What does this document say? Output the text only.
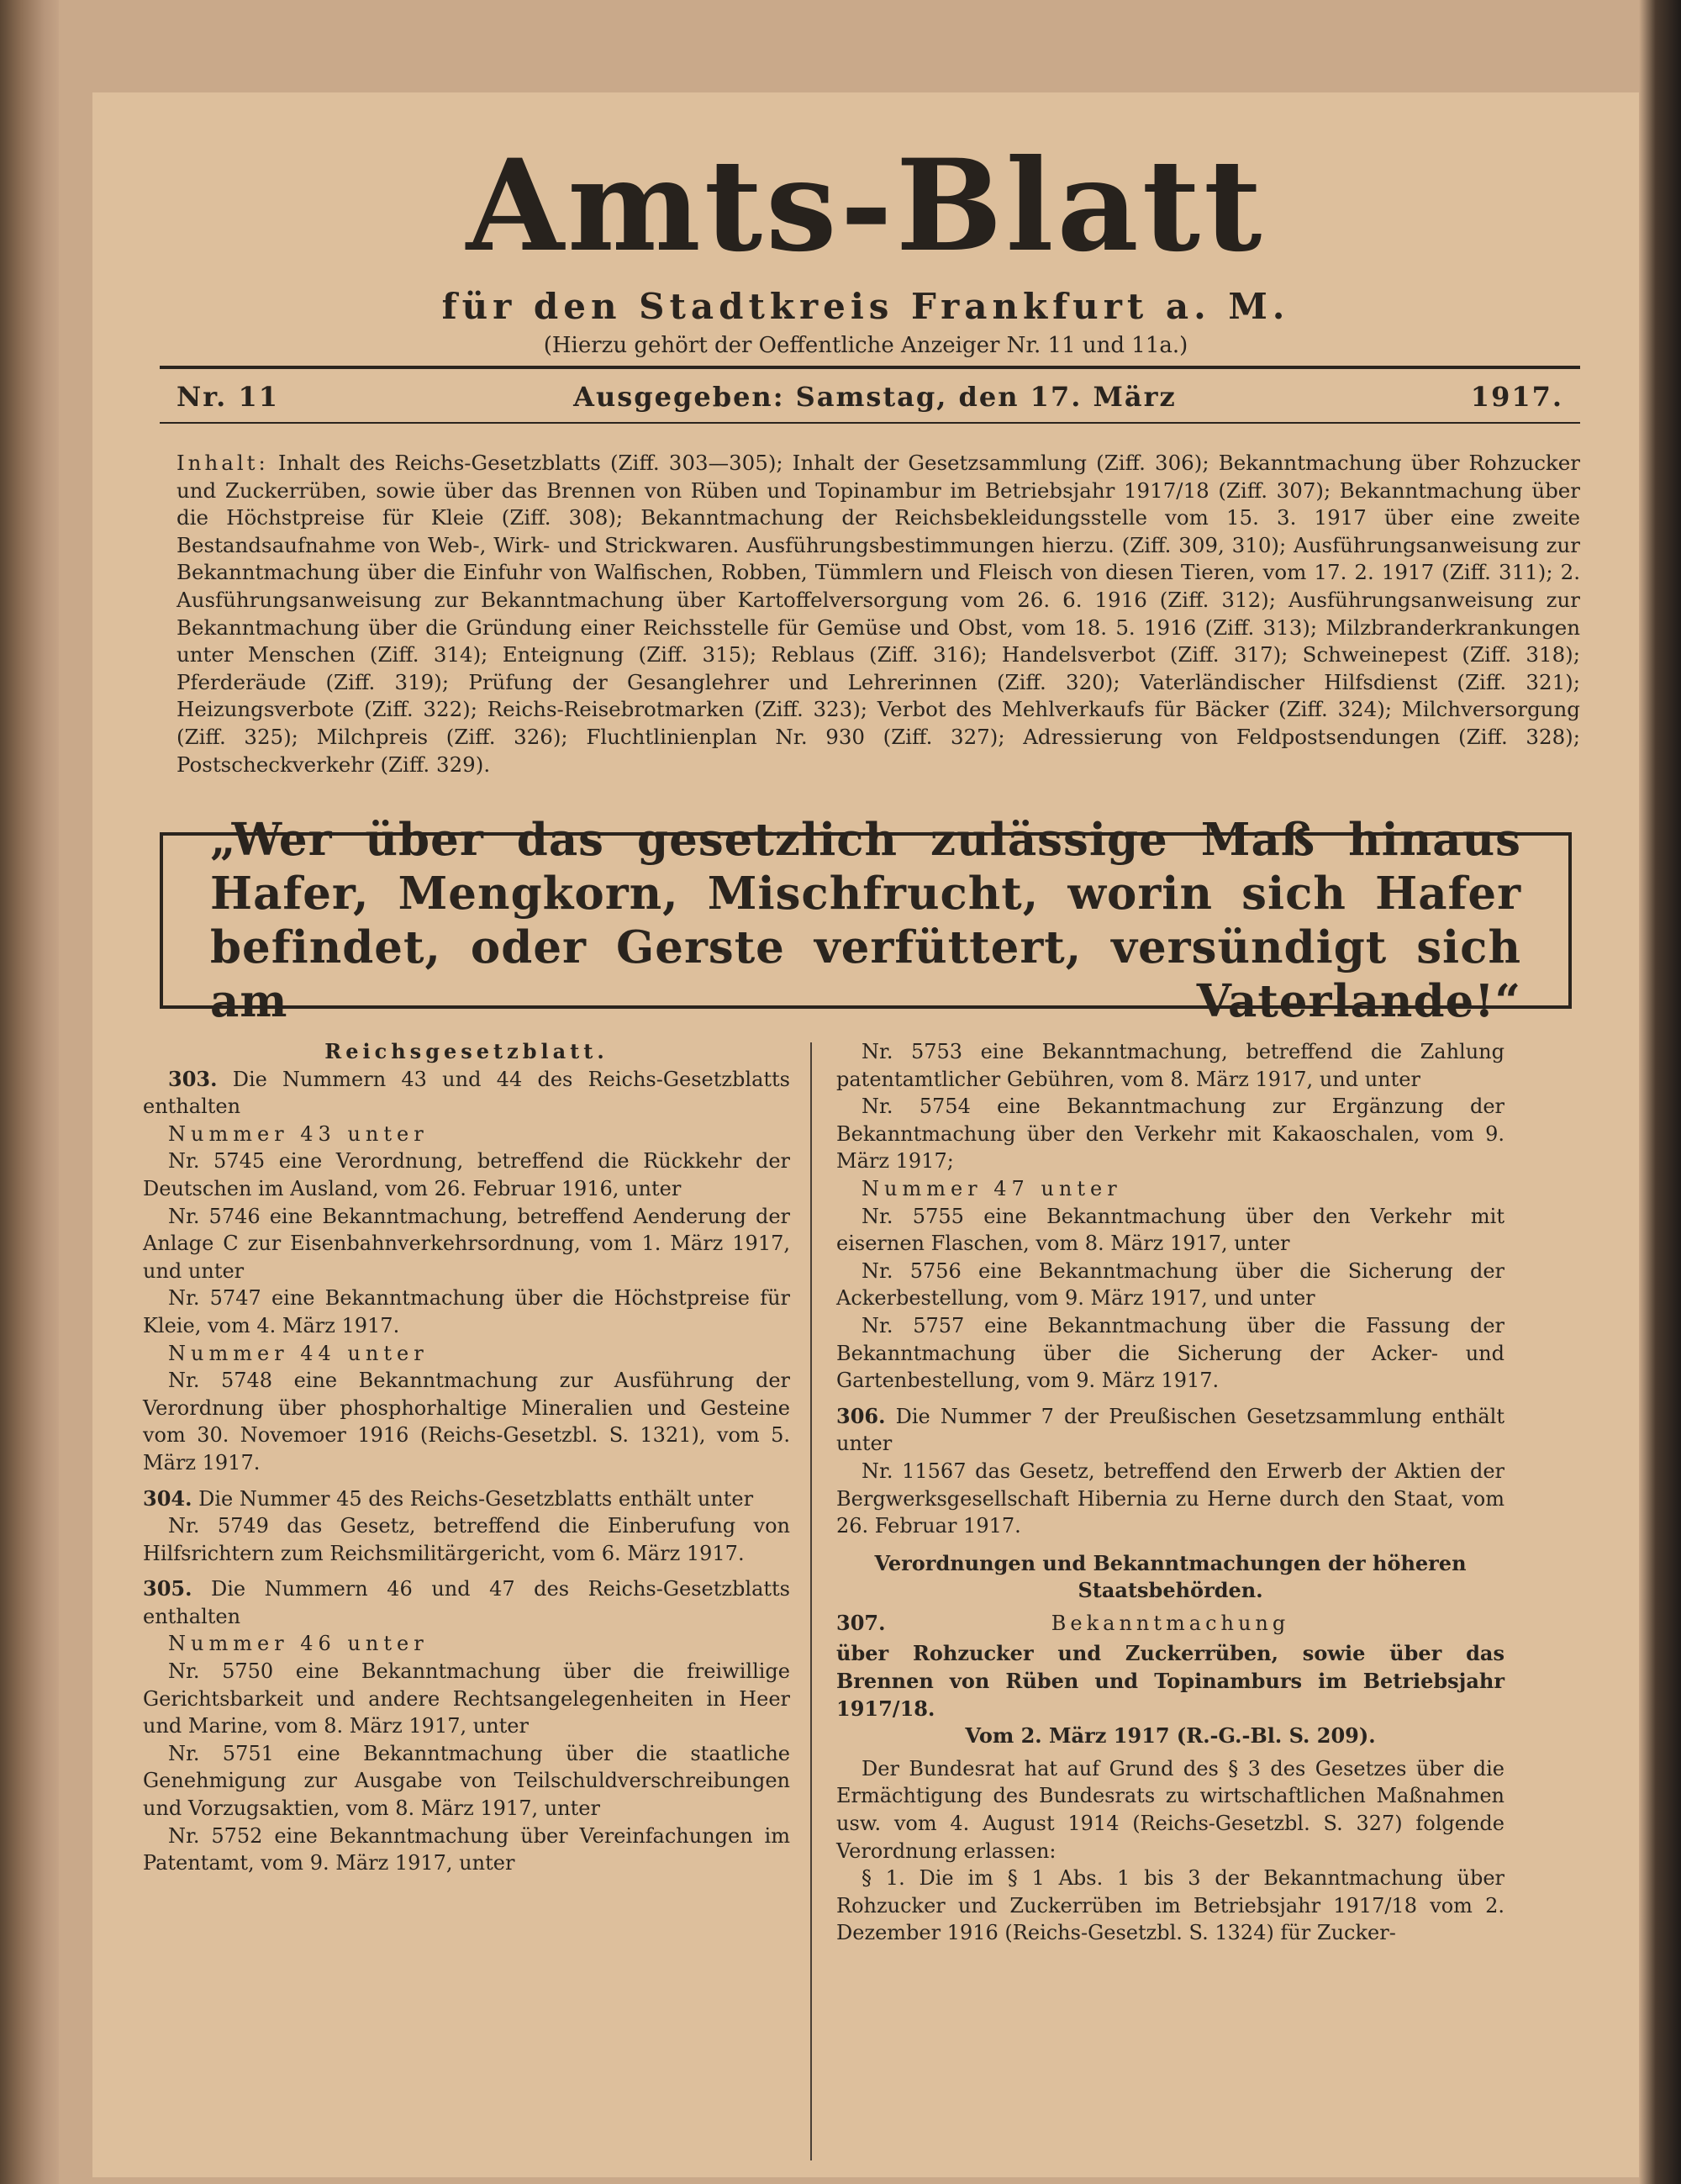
Amts-Blatt
für den Stadtkreis Frankfurt a. M.
(Hierzu gehört der Oeffentliche Anzeiger Nr. 11 und 11a.)
Nr. 11	Ausgegeben: Samstag, den 17. März	1917.
Inhalt: Inhalt des Reichs-Gesetzblatts (Ziff. 303—305); Inhalt der Gesetzsammlung (Ziff. 306); Bekanntmachung über Rohzucker und Zuckerrüben, sowie über das Brennen von Rüben und Topinambur im Betriebsjahr 1917/18 (Ziff. 307); Bekanntmachung über die Höchstpreise für Kleie (Ziff. 308); Bekanntmachung der Reichsbekleidungsstelle vom 15. 3. 1917 über eine zweite Bestandsaufnahme von Web-, Wirk- und Strickwaren. Ausführungsbestimmungen hierzu. (Ziff. 309, 310); Ausführungsanweisung zur Bekanntmachung über die Einfuhr von Walfischen, Robben, Tümmlern und Fleisch von diesen Tieren, vom 17. 2. 1917 (Ziff. 311); 2. Ausführungsanweisung zur Bekanntmachung über Kartoffelversorgung vom 26. 6. 1916 (Ziff. 312); Ausführungsanweisung zur Bekanntmachung über die Gründung einer Reichsstelle für Gemüse und Obst, vom 18. 5. 1916 (Ziff. 313); Milzbranderkrankungen unter Menschen (Ziff. 314); Enteignung (Ziff. 315); Reblaus (Ziff. 316); Handelsverbot (Ziff. 317); Schweinepest (Ziff. 318); Pferderäude (Ziff. 319); Prüfung der Gesanglehrer und Lehrerinnen (Ziff. 320); Vaterländischer Hilfsdienst (Ziff. 321); Heizungsverbote (Ziff. 322); Reichs-Reisebrotmarken (Ziff. 323); Verbot des Mehlverkaufs für Bäcker (Ziff. 324); Milchversorgung (Ziff. 325); Milchpreis (Ziff. 326); Fluchtlinienplan Nr. 930 (Ziff. 327); Adressierung von Feldpostsendungen (Ziff. 328); Postscheckverkehr (Ziff. 329).
„Wer über das gesetzlich zulässige Maß hinaus Hafer, Mengkorn, Mischfrucht, worin sich Hafer befindet, oder Gerste verfüttert, versündigt sich am Vaterlande!“

Reichsgesetzblatt.

303. Die Nummern 43 und 44 des Reichs-Gesetzblatts enthalten

Nummer 43 unter

Nr. 5745 eine Verordnung, betreffend die Rückkehr der Deutschen im Ausland, vom 26. Februar 1916, unter

Nr. 5746 eine Bekanntmachung, betreffend Aenderung der Anlage C zur Eisenbahnverkehrsordnung, vom 1. März 1917, und unter

Nr. 5747 eine Bekanntmachung über die Höchstpreise für Kleie, vom 4. März 1917.

Nummer 44 unter

Nr. 5748 eine Bekanntmachung zur Ausführung der Verordnung über phosphorhaltige Mineralien und Gesteine vom 30. Novemoer 1916 (Reichs-Gesetzbl. S. 1321), vom 5. März 1917.

304. Die Nummer 45 des Reichs-Gesetzblatts enthält unter

Nr. 5749 das Gesetz, betreffend die Einberufung von Hilfsrichtern zum Reichsmilitärgericht, vom 6. März 1917.

305. Die Nummern 46 und 47 des Reichs-Gesetzblatts enthalten

Nummer 46 unter

Nr. 5750 eine Bekanntmachung über die freiwillige Gerichtsbarkeit und andere Rechtsangelegenheiten in Heer und Marine, vom 8. März 1917, unter

Nr. 5751 eine Bekanntmachung über die staatliche Genehmigung zur Ausgabe von Teilschuldverschreibungen und Vorzugsaktien, vom 8. März 1917, unter

Nr. 5752 eine Bekanntmachung über Vereinfachungen im Patentamt, vom 9. März 1917, unter

Nr. 5753 eine Bekanntmachung, betreffend die Zahlung patentamtlicher Gebühren, vom 8. März 1917, und unter

Nr. 5754 eine Bekanntmachung zur Ergänzung der Bekanntmachung über den Verkehr mit Kakaoschalen, vom 9. März 1917;

Nummer 47 unter

Nr. 5755 eine Bekanntmachung über den Verkehr mit eisernen Flaschen, vom 8. März 1917, unter

Nr. 5756 eine Bekanntmachung über die Sicherung der Ackerbestellung, vom 9. März 1917, und unter

Nr. 5757 eine Bekanntmachung über die Fassung der Bekanntmachung über die Sicherung der Acker- und Gartenbestellung, vom 9. März 1917.

306. Die Nummer 7 der Preußischen Gesetzsammlung enthält unter

Nr. 11567 das Gesetz, betreffend den Erwerb der Aktien der Bergwerksgesellschaft Hibernia zu Herne durch den Staat, vom 26. Februar 1917.

Verordnungen und Bekanntmachungen der höheren Staatsbehörden.

307.	Bekanntmachung

über Rohzucker und Zuckerrüben, sowie über das Brennen von Rüben und Topinamburs im Betriebsjahr 1917/18.

Vom 2. März 1917 (R.-G.-Bl. S. 209).

Der Bundesrat hat auf Grund des § 3 des Gesetzes über die Ermächtigung des Bundesrats zu wirtschaftlichen Maßnahmen usw. vom 4. August 1914 (Reichs-Gesetzbl. S. 327) folgende Verordnung erlassen:

§ 1. Die im § 1 Abs. 1 bis 3 der Bekanntmachung über Rohzucker und Zuckerrüben im Betriebsjahr 1917/18 vom 2. Dezember 1916 (Reichs-Gesetzbl. S. 1324) für Zucker-
